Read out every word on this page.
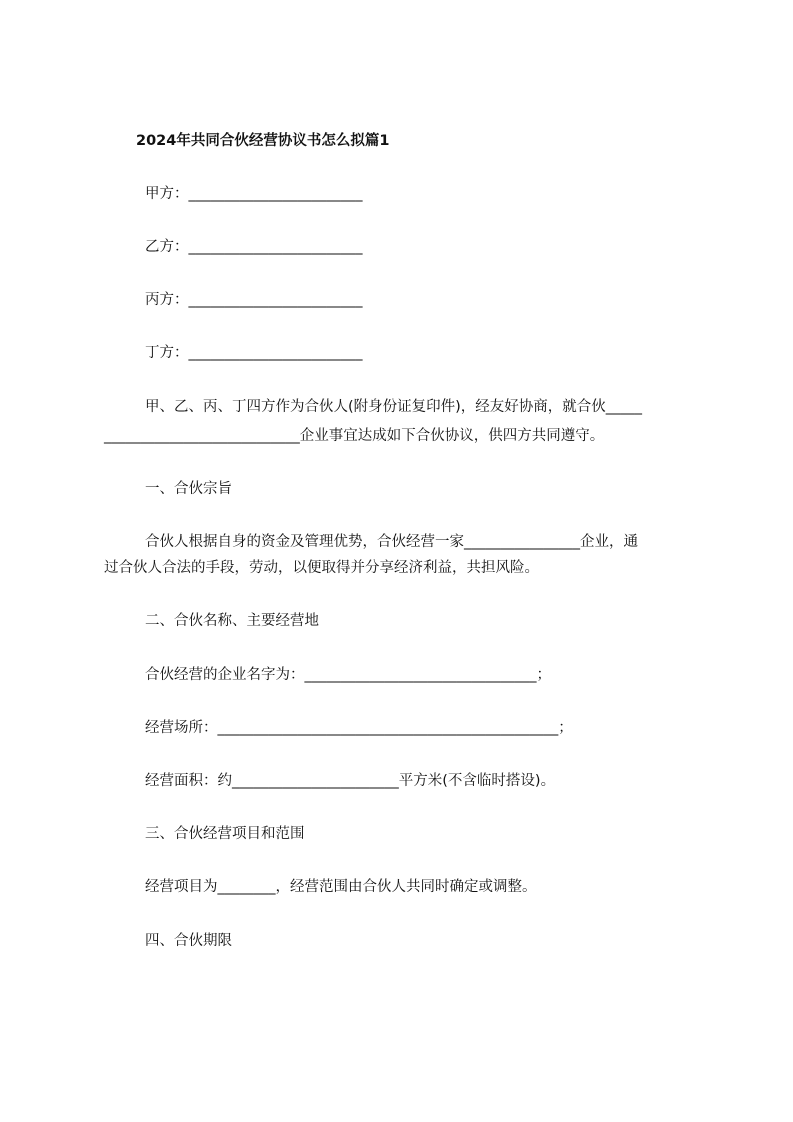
2024年共同合伙经营协议书怎么拟篇1
甲方：________________________
乙方：________________________
丙方：________________________
丁方：________________________
甲、乙、丙、丁四方作为合伙人(附身份证复印件)，经友好协商，就合伙_____
___________________________企业事宜达成如下合伙协议，供四方共同遵守。
一、合伙宗旨
合伙人根据自身的资金及管理优势，合伙经营一家________________企业，通
过合伙人合法的手段，劳动，以便取得并分享经济利益，共担风险。
二、合伙名称、主要经营地
合伙经营的企业名字为：________________________________；
经营场所：_______________________________________________；
经营面积：约_______________________平方米(不含临时搭设)。
三、合伙经营项目和范围
经营项目为________，经营范围由合伙人共同时确定或调整。
四、合伙期限
